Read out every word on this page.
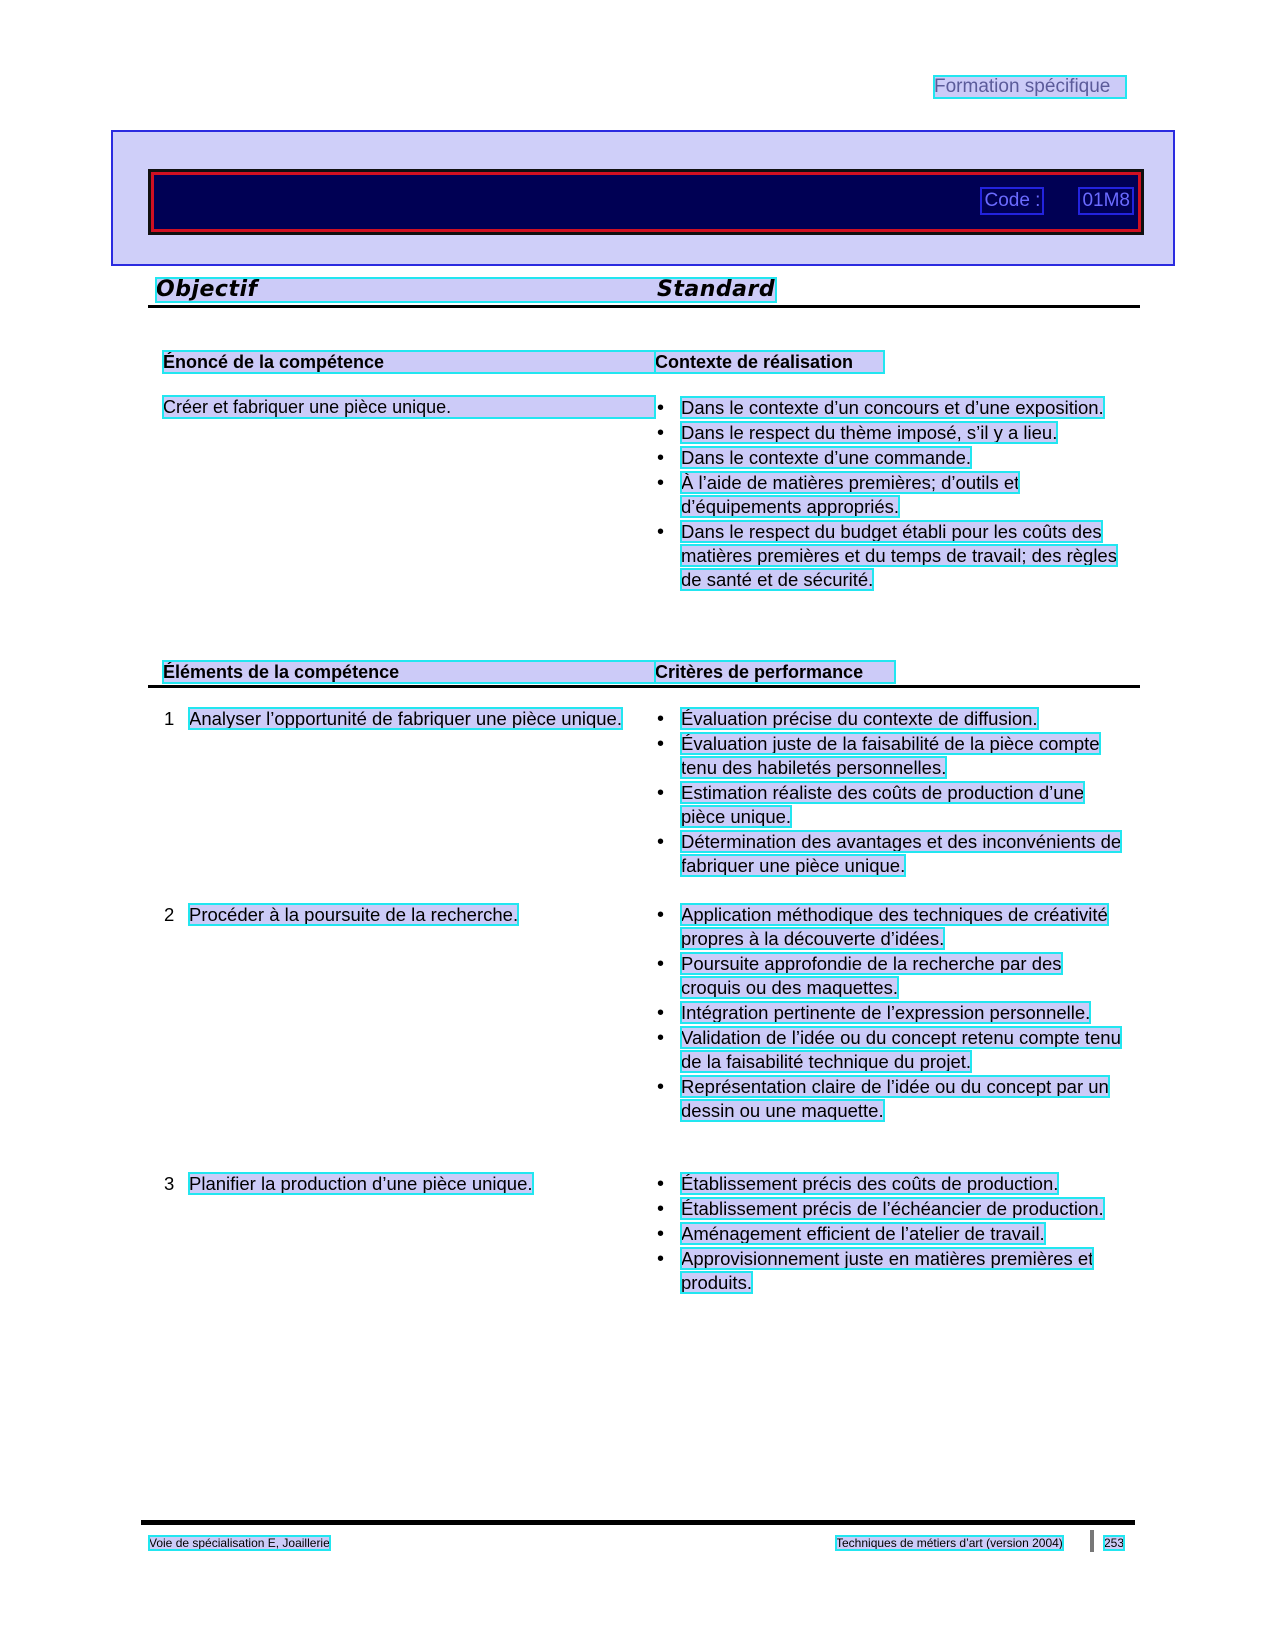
Formation spécifique
Code : 01M8
Objectif	Standard
Énoncé de la compétence	Contexte de réalisation
Créer et fabriquer une pièce unique.	• Dans le contexte d’un concours et d’une exposition.
• Dans le respect du thème imposé, s’il y a lieu.
• Dans le contexte d’une commande.
• À l’aide de matières premières; d’outils et d’équipements appropriés.
• Dans le respect du budget établi pour les coûts des matières premières et du temps de travail; des règles de santé et de sécurité.
Éléments de la compétence	Critères de performance
1 Analyser l’opportunité de fabriquer une pièce unique.	• Évaluation précise du contexte de diffusion.
• Évaluation juste de la faisabilité de la pièce compte tenu des habiletés personnelles.
• Estimation réaliste des coûts de production d’une pièce unique.
• Détermination des avantages et des inconvénients de fabriquer une pièce unique.
2 Procéder à la poursuite de la recherche.	• Application méthodique des techniques de créativité propres à la découverte d’idées.
• Poursuite approfondie de la recherche par des croquis ou des maquettes.
• Intégration pertinente de l’expression personnelle.
• Validation de l’idée ou du concept retenu compte tenu de la faisabilité technique du projet.
• Représentation claire de l’idée ou du concept par un dessin ou une maquette.
3 Planifier la production d’une pièce unique.	• Établissement précis des coûts de production.
• Établissement précis de l’échéancier de production.
• Aménagement efficient de l’atelier de travail.
• Approvisionnement juste en matières premières et produits.
Voie de spécialisation E, Joaillerie	Techniques de métiers d’art (version 2004)	253
